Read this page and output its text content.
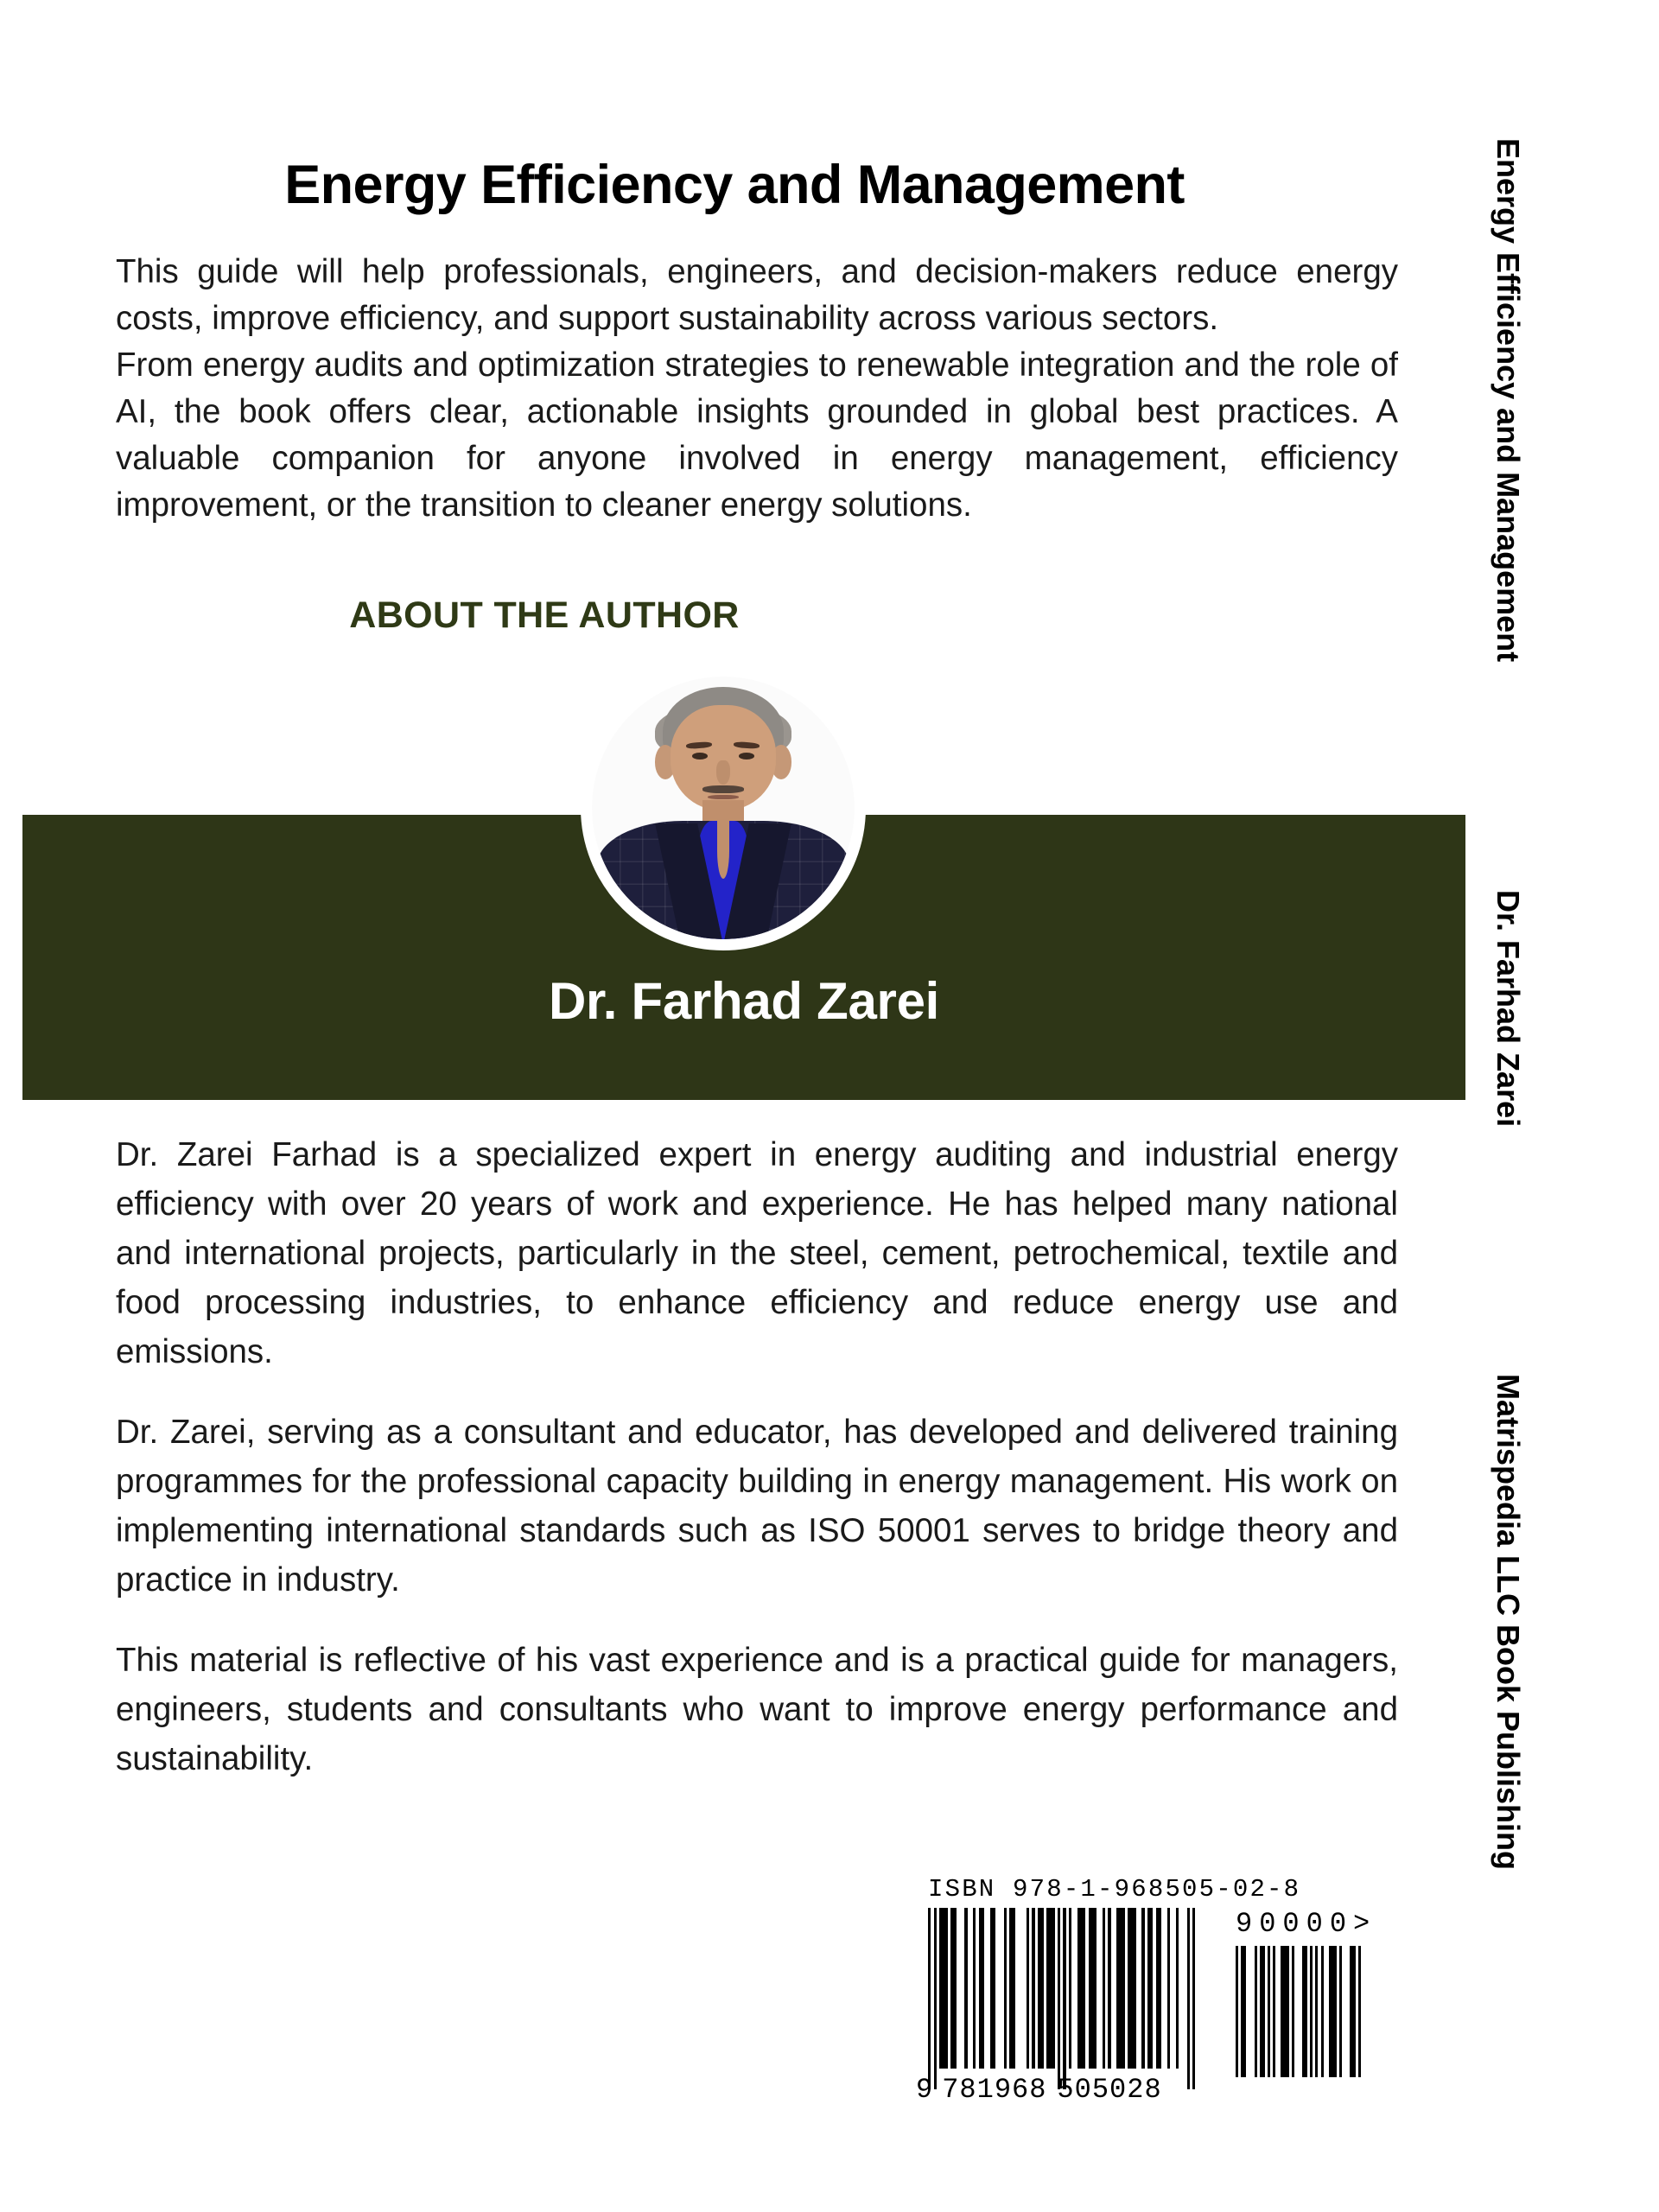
Energy Efficiency and Management

This guide will help professionals, engineers, and decision-makers reduce energy costs, improve efficiency, and support sustainability across various sectors.

From energy audits and optimization strategies to renewable integration and the role of AI, the book offers clear, actionable insights grounded in global best practices. A valuable companion for anyone involved in energy management, efficiency improvement, or the transition to cleaner energy solutions.

ABOUT THE AUTHOR
Dr. Farhad Zarei

Dr. Zarei Farhad is a specialized expert in energy auditing and industrial energy efficiency with over 20 years of work and experience. He has helped many national and international projects, particularly in the steel, cement, petrochemical, textile and food processing industries, to enhance efficiency and reduce energy use and emissions.

Dr. Zarei, serving as a consultant and educator, has developed and delivered training programmes for the professional capacity building in energy management. His work on implementing international standards such as ISO 50001 serves to bridge theory and practice in industry.

This material is reflective of his vast experience and is a practical guide for managers, engineers, students and consultants who want to improve energy performance and sustainability.

ISBN 978-1-968505-02-8
9 781968 505028
90000>
Energy Efficiency and Management
Dr. Farhad Zarei
Matrispedia LLC Book Publishing
